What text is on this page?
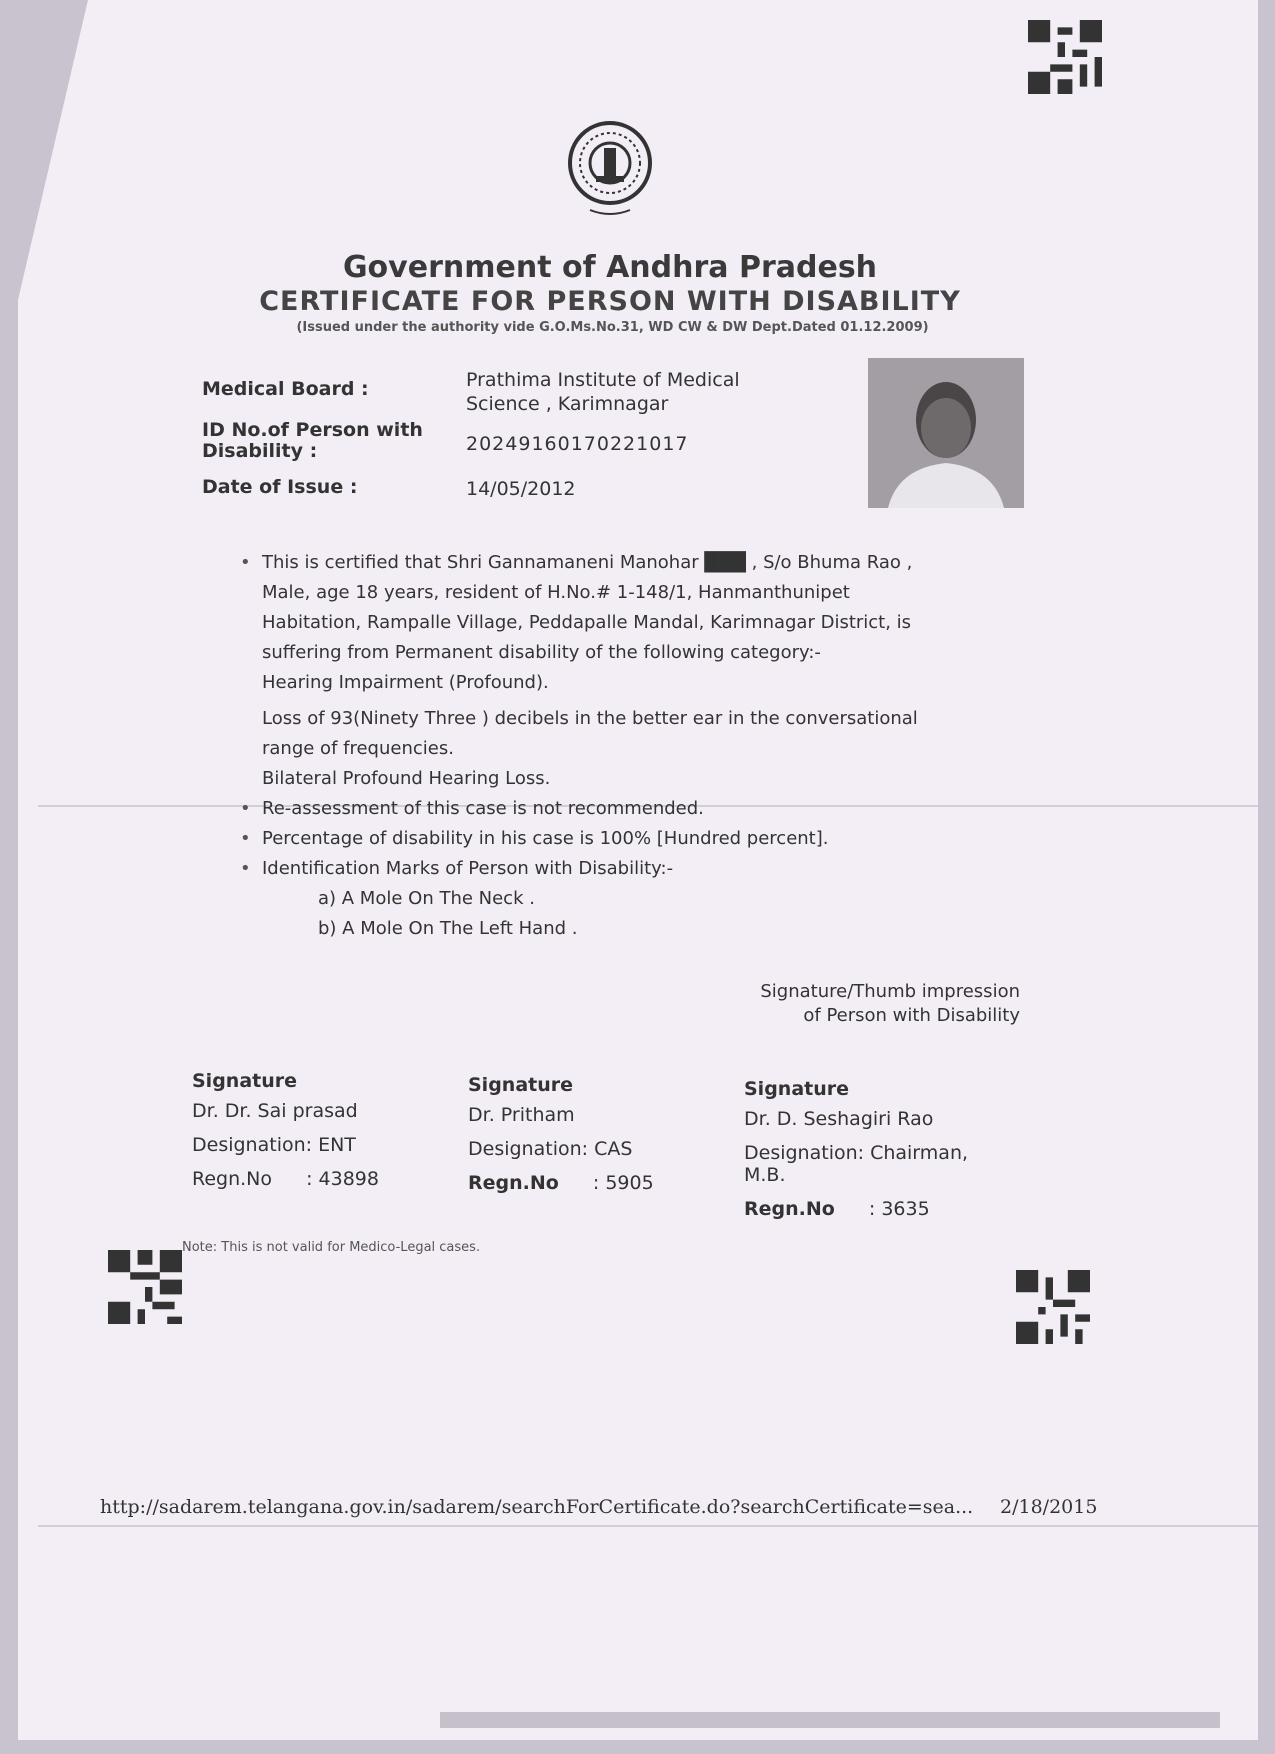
Government of Andhra Pradesh
CERTIFICATE FOR PERSON WITH DISABILITY
(Issued under the authority vide G.O.Ms.No.31, WD CW & DW Dept.Dated 01.12.2009)
Medical Board :	Prathima Institute of Medical
Science , Karimnagar
ID No.of Person with
Disability :	20249160170221017
Date of Issue :	14/05/2012

• This is certified that Shri Gannamaneni Manohar ███ , S/o Bhuma Rao ,

Male, age 18 years, resident of H.No.# 1-148/1, Hanmanthunipet

Habitation, Rampalle Village, Peddapalle Mandal, Karimnagar District, is

suffering from Permanent disability of the following category:-

Hearing Impairment (Profound).

Loss of 93(Ninety Three ) decibels in the better ear in the conversational

range of frequencies.

Bilateral Profound Hearing Loss.

• Re-assessment of this case is not recommended.

• Percentage of disability in his case is 100% [Hundred percent].

• Identification Marks of Person with Disability:-

a) A Mole On The Neck .

b) A Mole On The Left Hand .

Signature/Thumb impression
of Person with Disability
Signature
Dr. Dr. Sai prasad
Designation: ENT
Regn.No : 43898
Signature
Dr. Pritham
Designation: CAS
Regn.No : 5905
Signature
Dr. D. Seshagiri Rao
Designation: Chairman, M.B.
Regn.No : 3635
Note: This is not valid for Medico-Legal cases.
http://sadarem.telangana.gov.in/sadarem/searchForCertificate.do?searchCertificate=sea... 2/18/2015
